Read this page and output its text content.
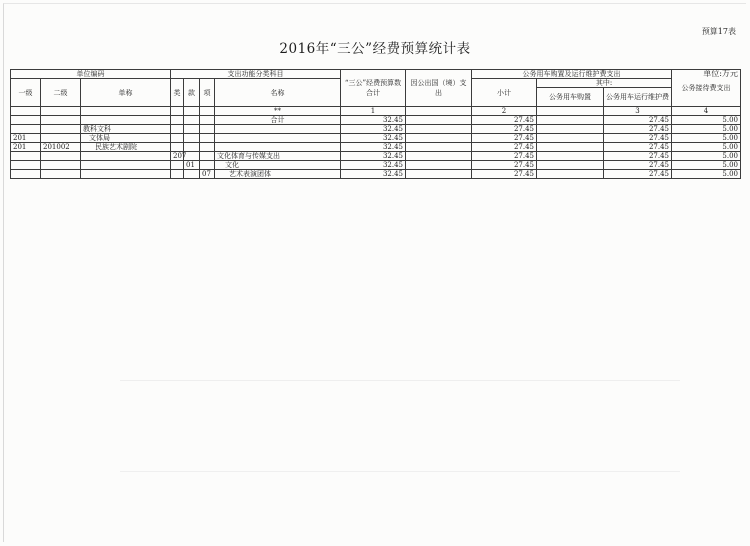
预算17表
2016年“三公”经费预算统计表
单位:万元
单位编码			支出功能分类科目				“三公”经费预算数合计	因公出国（境）支出	公务用车购置及运行维护费支出			公务接待费支出
一级	二级	单称	类	款	项	名称			小计	其中:		
										公务用车购置	公务用车运行维护费	
						**	1		2		3	4
						合计	32.45		27.45		27.45	5.00
		教科文科					32.45		27.45		27.45	5.00
201		文体局					32.45		27.45		27.45	5.00
201	201002	民族艺术剧院					32.45		27.45		27.45	5.00
			207			文化体育与传媒支出	32.45		27.45		27.45	5.00
				01		文化	32.45		27.45		27.45	5.00
					07	艺术表演团体	32.45		27.45		27.45	5.00
